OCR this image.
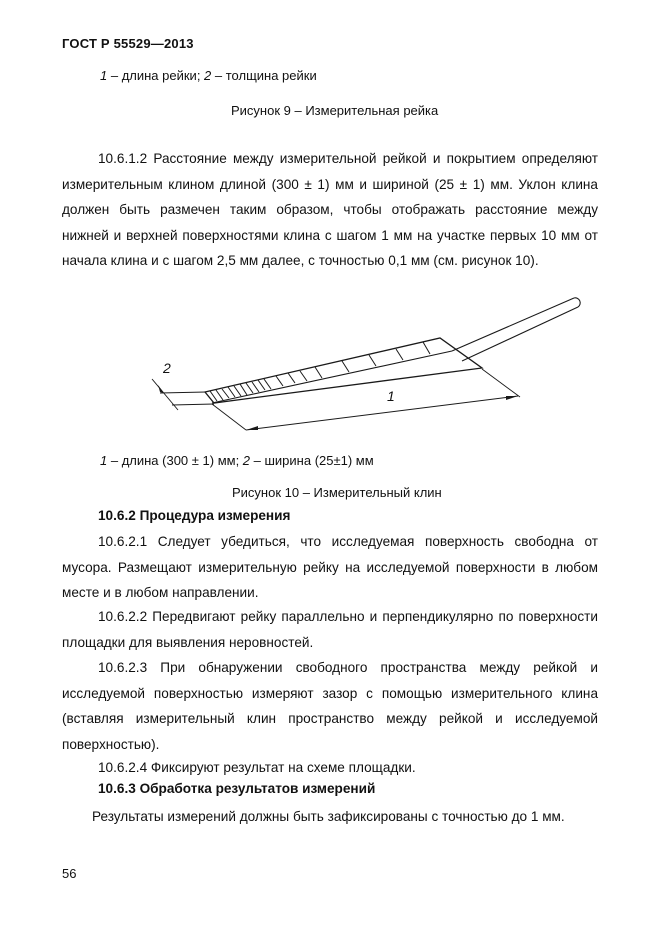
ГОСТ Р 55529—2013
1 – длина рейки; 2 – толщина рейки
Рисунок 9 – Измерительная рейка
10.6.1.2 Расстояние между измерительной рейкой и покрытием определяют измерительным клином длиной (300 ± 1) мм и шириной (25 ± 1) мм. Уклон клина должен быть размечен таким образом, чтобы отображать расстояние между нижней и верхней поверхностями клина с шагом 1 мм на участке первых 10 мм от начала клина и с шагом 2,5 мм далее, с точностью 0,1 мм (см. рисунок 10).
2
1
1 – длина (300 ± 1) мм; 2 – ширина (25±1) мм
Рисунок 10 – Измерительный клин
10.6.2 Процедура измерения
10.6.2.1 Следует убедиться, что исследуемая поверхность свободна от мусора. Размещают измерительную рейку на исследуемой поверхности в любом месте и в любом направлении.
10.6.2.2 Передвигают рейку параллельно и перпендикулярно по поверхности площадки для выявления неровностей.
10.6.2.3 При обнаружении свободного пространства между рейкой и исследуемой поверхностью измеряют зазор с помощью измерительного клина (вставляя измерительный клин пространство между рейкой и исследуемой поверхностью).
10.6.2.4 Фиксируют результат на схеме площадки.
10.6.3 Обработка результатов измерений
Результаты измерений должны быть зафиксированы с точностью до 1 мм.
56
